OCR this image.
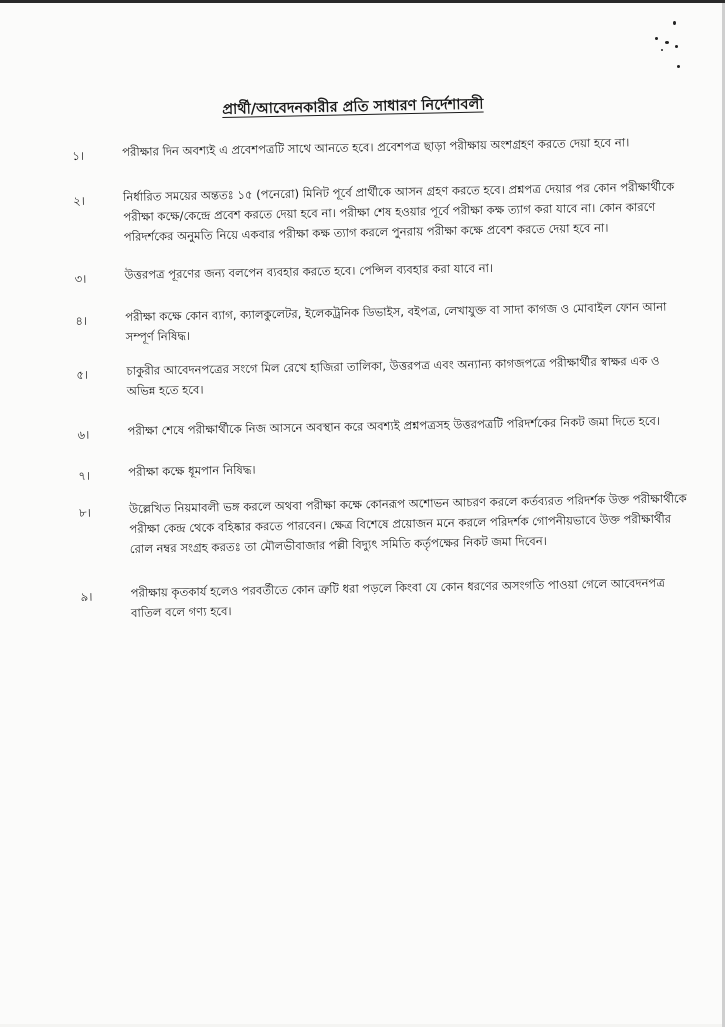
প্রার্থী/আবেদনকারীর প্রতি সাধারণ নির্দেশাবলী
১।	পরীক্ষার দিন অবশ্যই এ প্রবেশপত্রটি সাথে আনতে হবে। প্রবেশপত্র ছাড়া পরীক্ষায় অংশগ্রহণ করতে দেয়া হবে না।
২।	নির্ধারিত সময়ের অন্ততঃ ১৫ (পনেরো) মিনিট পূর্বে প্রার্থীকে আসন গ্রহণ করতে হবে। প্রশ্নপত্র দেয়ার পর কোন পরীক্ষার্থীকে পরীক্ষা কক্ষে/কেন্দ্রে প্রবেশ করতে দেয়া হবে না। পরীক্ষা শেষ হওয়ার পূর্বে পরীক্ষা কক্ষ ত্যাগ করা যাবে না। কোন কারণে পরিদর্শকের অনুমতি নিয়ে একবার পরীক্ষা কক্ষ ত্যাগ করলে পুনরায় পরীক্ষা কক্ষে প্রবেশ করতে দেয়া হবে না।
৩।	উত্তরপত্র পূরণের জন্য বলপেন ব্যবহার করতে হবে। পেন্সিল ব্যবহার করা যাবে না।
৪।	পরীক্ষা কক্ষে কোন ব্যাগ, ক্যালকুলেটর, ইলেকট্রনিক ডিভাইস, বইপত্র, লেখাযুক্ত বা সাদা কাগজ ও মোবাইল ফোন আনা সম্পূর্ণ নিষিদ্ধ।
৫।	চাকুরীর আবেদনপত্রের সংগে মিল রেখে হাজিরা তালিকা, উত্তরপত্র এবং অন্যান্য কাগজপত্রে পরীক্ষার্থীর স্বাক্ষর এক ও অভিন্ন হতে হবে।
৬।	পরীক্ষা শেষে পরীক্ষার্থীকে নিজ আসনে অবস্থান করে অবশ্যই প্রশ্নপত্রসহ উত্তরপত্রটি পরিদর্শকের নিকট জমা দিতে হবে।
৭।	পরীক্ষা কক্ষে ধূমপান নিষিদ্ধ।
৮।	উল্লেখিত নিয়মাবলী ভঙ্গ করলে অথবা পরীক্ষা কক্ষে কোনরূপ অশোভন আচরণ করলে কর্তব্যরত পরিদর্শক উক্ত পরীক্ষার্থীকে পরীক্ষা কেন্দ্র থেকে বহিষ্কার করতে পারবেন। ক্ষেত্র বিশেষে প্রয়োজন মনে করলে পরিদর্শক গোপনীয়ভাবে উক্ত পরীক্ষার্থীর রোল নম্বর সংগ্রহ করতঃ তা মৌলভীবাজার পল্লী বিদ্যুৎ সমিতি কর্তৃপক্ষের নিকট জমা দিবেন।
৯।	পরীক্ষায় কৃতকার্য হলেও পরবর্তীতে কোন ত্রুটি ধরা পড়লে কিংবা যে কোন ধরণের অসংগতি পাওয়া গেলে আবেদনপত্র বাতিল বলে গণ্য হবে।
